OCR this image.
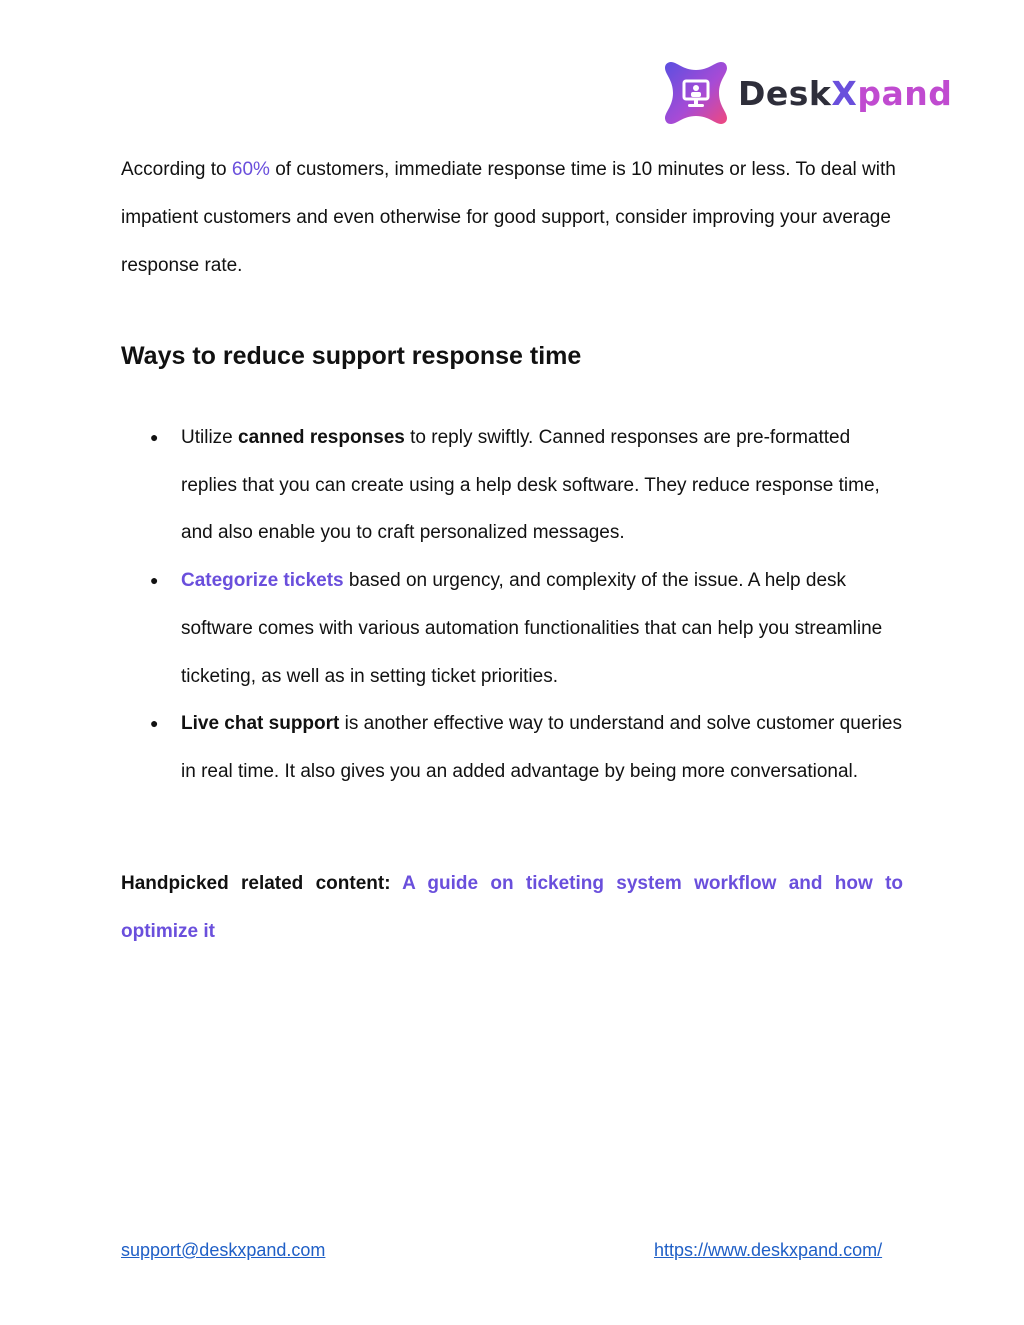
DeskXpand

According to 60% of customers, immediate response time is 10 minutes or less. To deal with impatient customers and even otherwise for good support, consider improving your average response rate.

Ways to reduce support response time
● Utilize canned responses to reply swiftly. Canned responses are pre-formatted replies that you can create using a help desk software. They reduce response time, and also enable you to craft personalized messages.
● Categorize tickets based on urgency, and complexity of the issue. A help desk software comes with various automation functionalities that can help you streamline ticketing, as well as in setting ticket priorities.
● Live chat support is another effective way to understand and solve customer queries in real time. It also gives you an added advantage by being more conversational.

Handpicked related content: A guide on ticketing system workflow and how to optimize it

support@deskxpand.com	https://www.deskxpand.com/
